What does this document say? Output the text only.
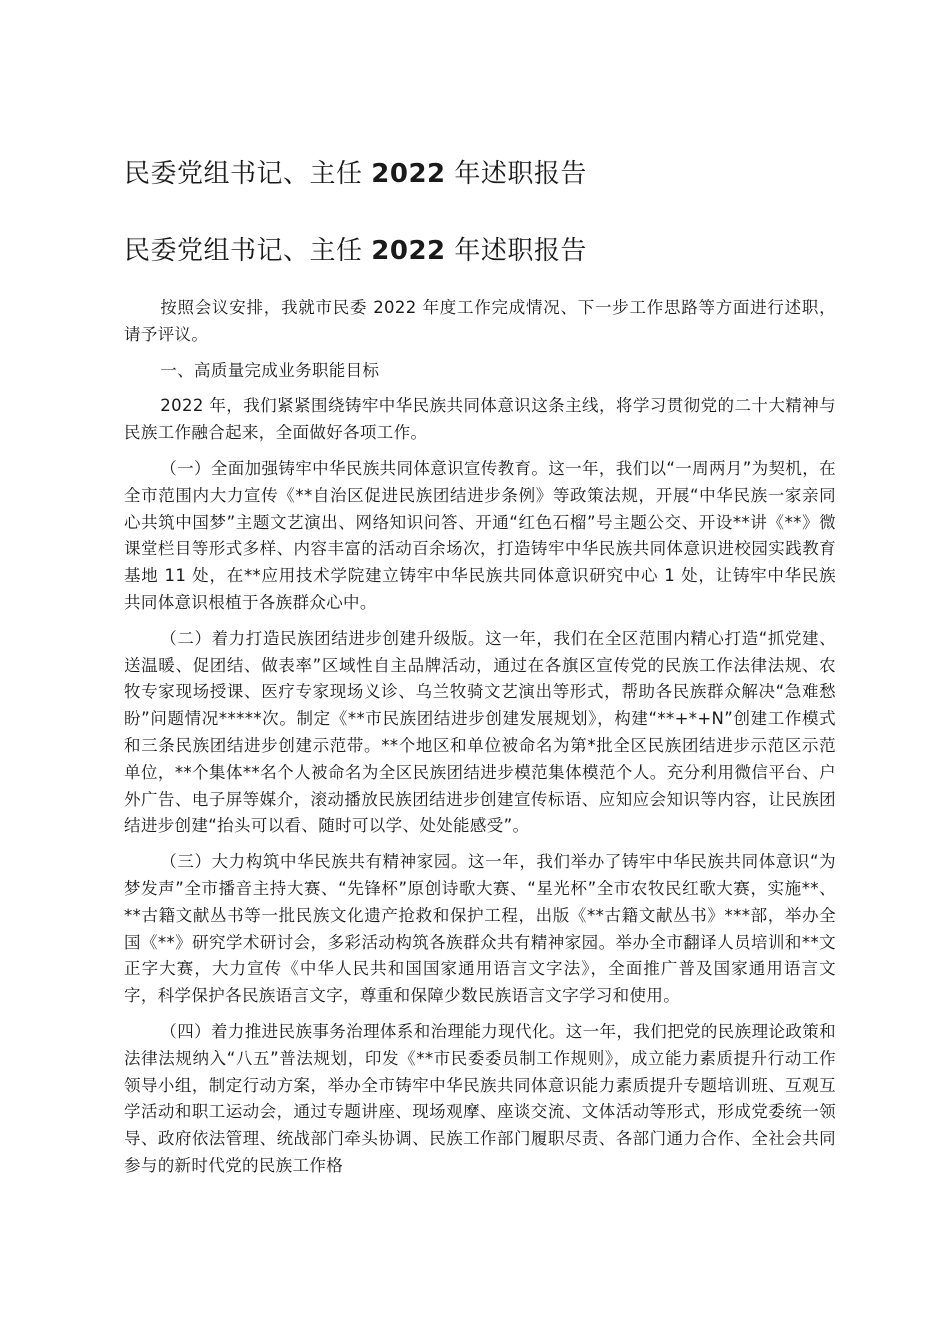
民委党组书记、主任 2022 年述职报告
民委党组书记、主任 2022 年述职报告

按照会议安排，我就市民委 2022 年度工作完成情况、下一步工作思路等方面进行述职，请予评议。

一、高质量完成业务职能目标

2022 年，我们紧紧围绕铸牢中华民族共同体意识这条主线，将学习贯彻党的二十大精神与民族工作融合起来，全面做好各项工作。

（一）全面加强铸牢中华民族共同体意识宣传教育。这一年，我们以“一周两月”为契机，在全市范围内大力宣传《**自治区促进民族团结进步条例》等政策法规，开展“中华民族一家亲同心共筑中国梦”主题文艺演出、网络知识问答、开通“红色石榴”号主题公交、开设**讲《**》微课堂栏目等形式多样、内容丰富的活动百余场次，打造铸牢中华民族共同体意识进校园实践教育基地 11 处，在**应用技术学院建立铸牢中华民族共同体意识研究中心 1 处，让铸牢中华民族共同体意识根植于各族群众心中。

（二）着力打造民族团结进步创建升级版。这一年，我们在全区范围内精心打造“抓党建、送温暖、促团结、做表率”区域性自主品牌活动，通过在各旗区宣传党的民族工作法律法规、农牧专家现场授课、医疗专家现场义诊、乌兰牧骑文艺演出等形式，帮助各民族群众解决“急难愁盼”问题情况*****次。制定《**市民族团结进步创建发展规划》，构建“**+*+N”创建工作模式和三条民族团结进步创建示范带。**个地区和单位被命名为第*批全区民族团结进步示范区示范单位，**个集体**名个人被命名为全区民族团结进步模范集体模范个人。充分利用微信平台、户外广告、电子屏等媒介，滚动播放民族团结进步创建宣传标语、应知应会知识等内容，让民族团结进步创建“抬头可以看、随时可以学、处处能感受”。

（三）大力构筑中华民族共有精神家园。这一年，我们举办了铸牢中华民族共同体意识“为梦发声”全市播音主持大赛、“先锋杯”原创诗歌大赛、“星光杯”全市农牧民红歌大赛，实施**、**古籍文献丛书等一批民族文化遗产抢救和保护工程，出版《**古籍文献丛书》***部，举办全国《**》研究学术研讨会，多彩活动构筑各族群众共有精神家园。举办全市翻译人员培训和**文正字大赛，大力宣传《中华人民共和国国家通用语言文字法》，全面推广普及国家通用语言文字，科学保护各民族语言文字，尊重和保障少数民族语言文字学习和使用。

（四）着力推进民族事务治理体系和治理能力现代化。这一年，我们把党的民族理论政策和法律法规纳入“八五”普法规划，印发《**市民委委员制工作规则》，成立能力素质提升行动工作领导小组，制定行动方案，举办全市铸牢中华民族共同体意识能力素质提升专题培训班、互观互学活动和职工运动会，通过专题讲座、现场观摩、座谈交流、文体活动等形式，形成党委统一领导、政府依法管理、统战部门牵头协调、民族工作部门履职尽责、各部门通力合作、全社会共同参与的新时代党的民族工作格
